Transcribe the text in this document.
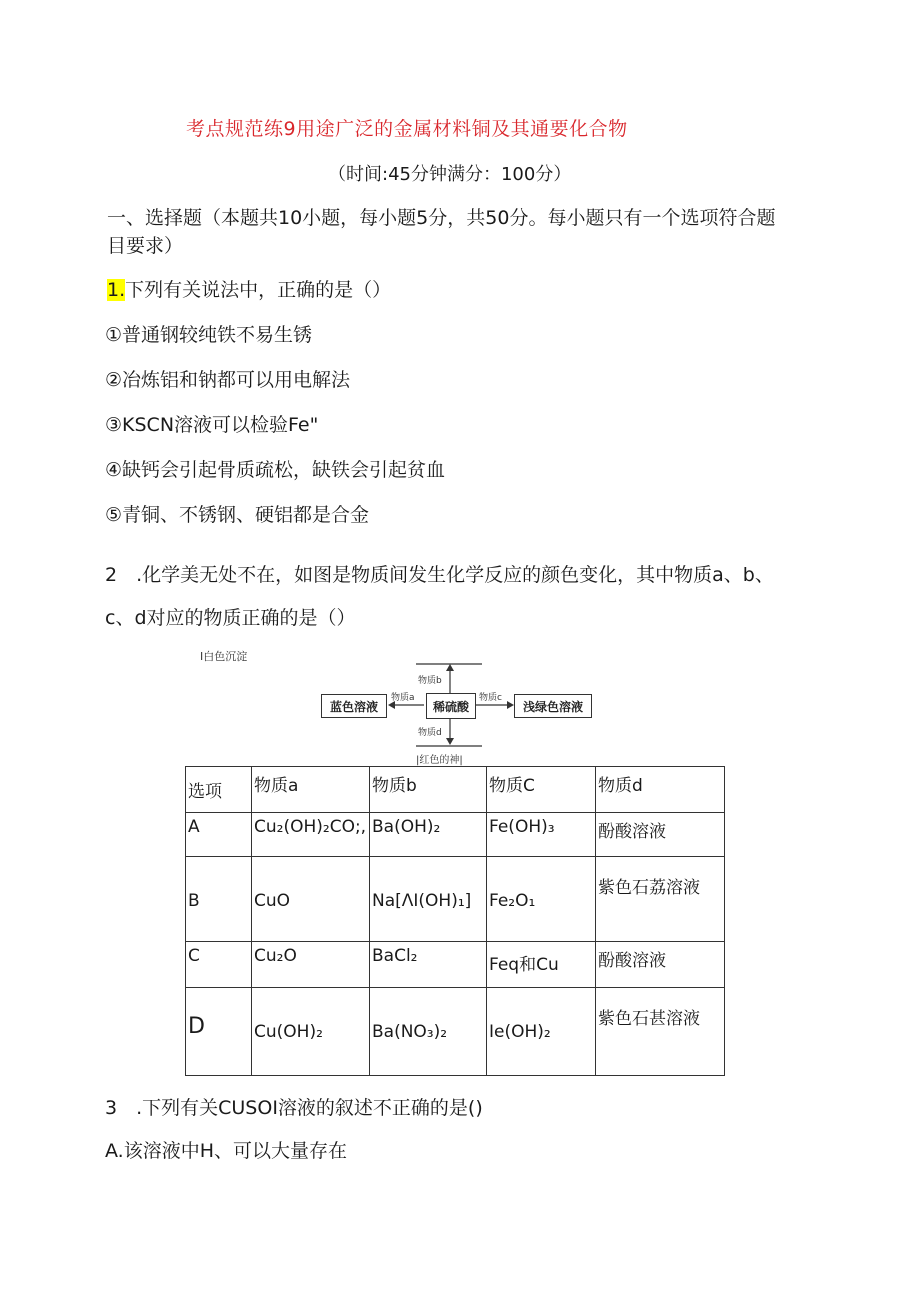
考点规范练9用途广泛的金属材料铜及其通要化合物
（时间:45分钟满分：100分）
一、选择题（本题共10小题，每小题5分，共50分。每小题只有一个选项符合题
目要求）
1.下列有关说法中，正确的是（）
①普通钢较纯铁不易生锈
②冶炼铝和钠都可以用电解法
③KSCN溶液可以检验Fe"
④缺钙会引起骨质疏松，缺铁会引起贫血
⑤青铜、不锈钢、硬铝都是合金
2　.化学美无处不在，如图是物质间发生化学反应的颜色变化，其中物质a、b、
c、d对应的物质正确的是（）
Ⅰ白色沉淀
物质b
物质a	物质c
物质d
蓝色溶液	稀硫酸	浅绿色溶液
|红色的神|
选项	物质a	物质b	物质C	物质d
A	Cu₂(OH)₂CO;,	Ba(OH)₂	Fe(OH)₃	酚酸溶液
B	CuO	Na[ΛI(OH)₁]	Fe₂O₁	紫色石荔溶液
C	Cu₂O	BaCl₂	Feq和Cu	酚酸溶液
D	Cu(OH)₂	Ba(NO₃)₂	Ie(OH)₂	紫色石甚溶液
3　.下列有关CUSOI溶液的叙述不正确的是()
A.该溶液中H、可以大量存在
